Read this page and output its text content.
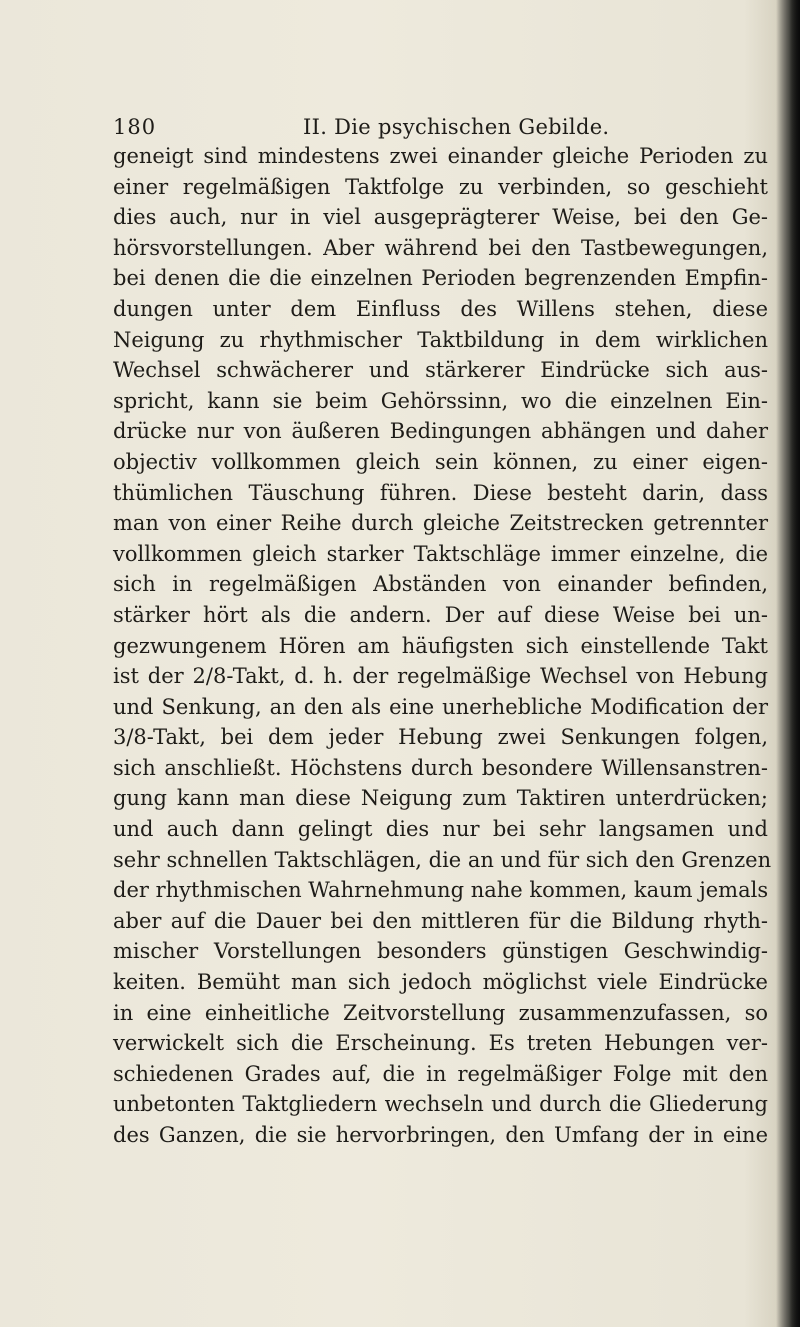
180	II. Die psychischen Gebilde.
geneigt sind mindestens zwei einander gleiche Perioden zu
einer regelmäßigen Taktfolge zu verbinden, so geschieht
dies auch, nur in viel ausgeprägterer Weise, bei den Ge-
hörsvorstellungen. Aber während bei den Tastbewegungen,
bei denen die die einzelnen Perioden begrenzenden Empfin-
dungen unter dem Einfluss des Willens stehen, diese
Neigung zu rhythmischer Taktbildung in dem wirklichen
Wechsel schwächerer und stärkerer Eindrücke sich aus-
spricht, kann sie beim Gehörssinn, wo die einzelnen Ein-
drücke nur von äußeren Bedingungen abhängen und daher
objectiv vollkommen gleich sein können, zu einer eigen-
thümlichen Täuschung führen. Diese besteht darin, dass
man von einer Reihe durch gleiche Zeitstrecken getrennter
vollkommen gleich starker Taktschläge immer einzelne, die
sich in regelmäßigen Abständen von einander befinden,
stärker hört als die andern. Der auf diese Weise bei un-
gezwungenem Hören am häufigsten sich einstellende Takt
ist der 2/8-Takt, d. h. der regelmäßige Wechsel von Hebung
und Senkung, an den als eine unerhebliche Modification der
3/8-Takt, bei dem jeder Hebung zwei Senkungen folgen,
sich anschließt. Höchstens durch besondere Willensanstren-
gung kann man diese Neigung zum Taktiren unterdrücken;
und auch dann gelingt dies nur bei sehr langsamen und
sehr schnellen Taktschlägen, die an und für sich den Grenzen
der rhythmischen Wahrnehmung nahe kommen, kaum jemals
aber auf die Dauer bei den mittleren für die Bildung rhyth-
mischer Vorstellungen besonders günstigen Geschwindig-
keiten. Bemüht man sich jedoch möglichst viele Eindrücke
in eine einheitliche Zeitvorstellung zusammenzufassen, so
verwickelt sich die Erscheinung. Es treten Hebungen ver-
schiedenen Grades auf, die in regelmäßiger Folge mit den
unbetonten Taktgliedern wechseln und durch die Gliederung
des Ganzen, die sie hervorbringen, den Umfang der in eine
